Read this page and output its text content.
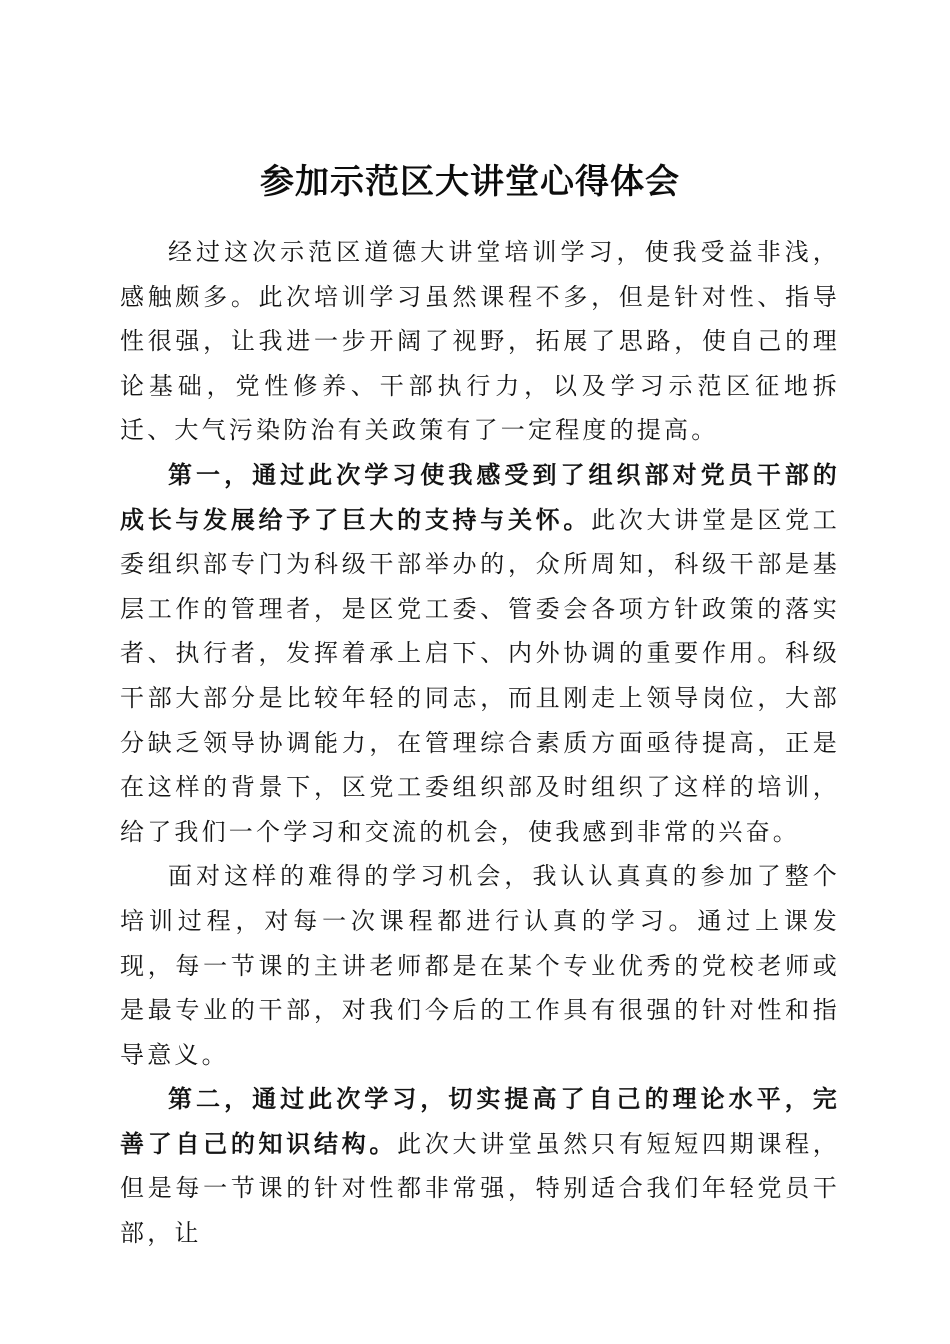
参加示范区大讲堂心得体会

经过这次示范区道德大讲堂培训学习，使我受益非浅，感触颇多。此次培训学习虽然课程不多，但是针对性、指导性很强，让我进一步开阔了视野，拓展了思路，使自己的理论基础，党性修养、干部执行力，以及学习示范区征地拆迁、大气污染防治有关政策有了一定程度的提高。

第一，通过此次学习使我感受到了组织部对党员干部的成长与发展给予了巨大的支持与关怀。此次大讲堂是区党工委组织部专门为科级干部举办的，众所周知，科级干部是基层工作的管理者，是区党工委、管委会各项方针政策的落实者、执行者，发挥着承上启下、内外协调的重要作用。科级干部大部分是比较年轻的同志，而且刚走上领导岗位，大部分缺乏领导协调能力，在管理综合素质方面亟待提高，正是在这样的背景下，区党工委组织部及时组织了这样的培训，给了我们一个学习和交流的机会，使我感到非常的兴奋。

面对这样的难得的学习机会，我认认真真的参加了整个培训过程，对每一次课程都进行认真的学习。通过上课发现，每一节课的主讲老师都是在某个专业优秀的党校老师或是最专业的干部，对我们今后的工作具有很强的针对性和指导意义。

第二，通过此次学习，切实提高了自己的理论水平，完善了自己的知识结构。此次大讲堂虽然只有短短四期课程，但是每一节课的针对性都非常强，特别适合我们年轻党员干部，让
